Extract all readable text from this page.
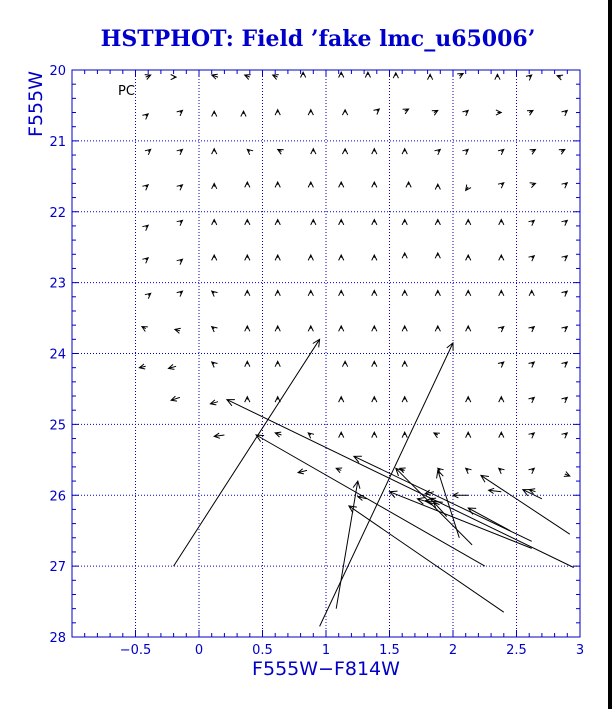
HSTPHOT: Field ’fake lmc_u65006’
−0.5	0	0.5	1	1.5	2	2.5	3
20
21
22
23
24
25
26
27
28
PC
F555W−F814W
F555W
